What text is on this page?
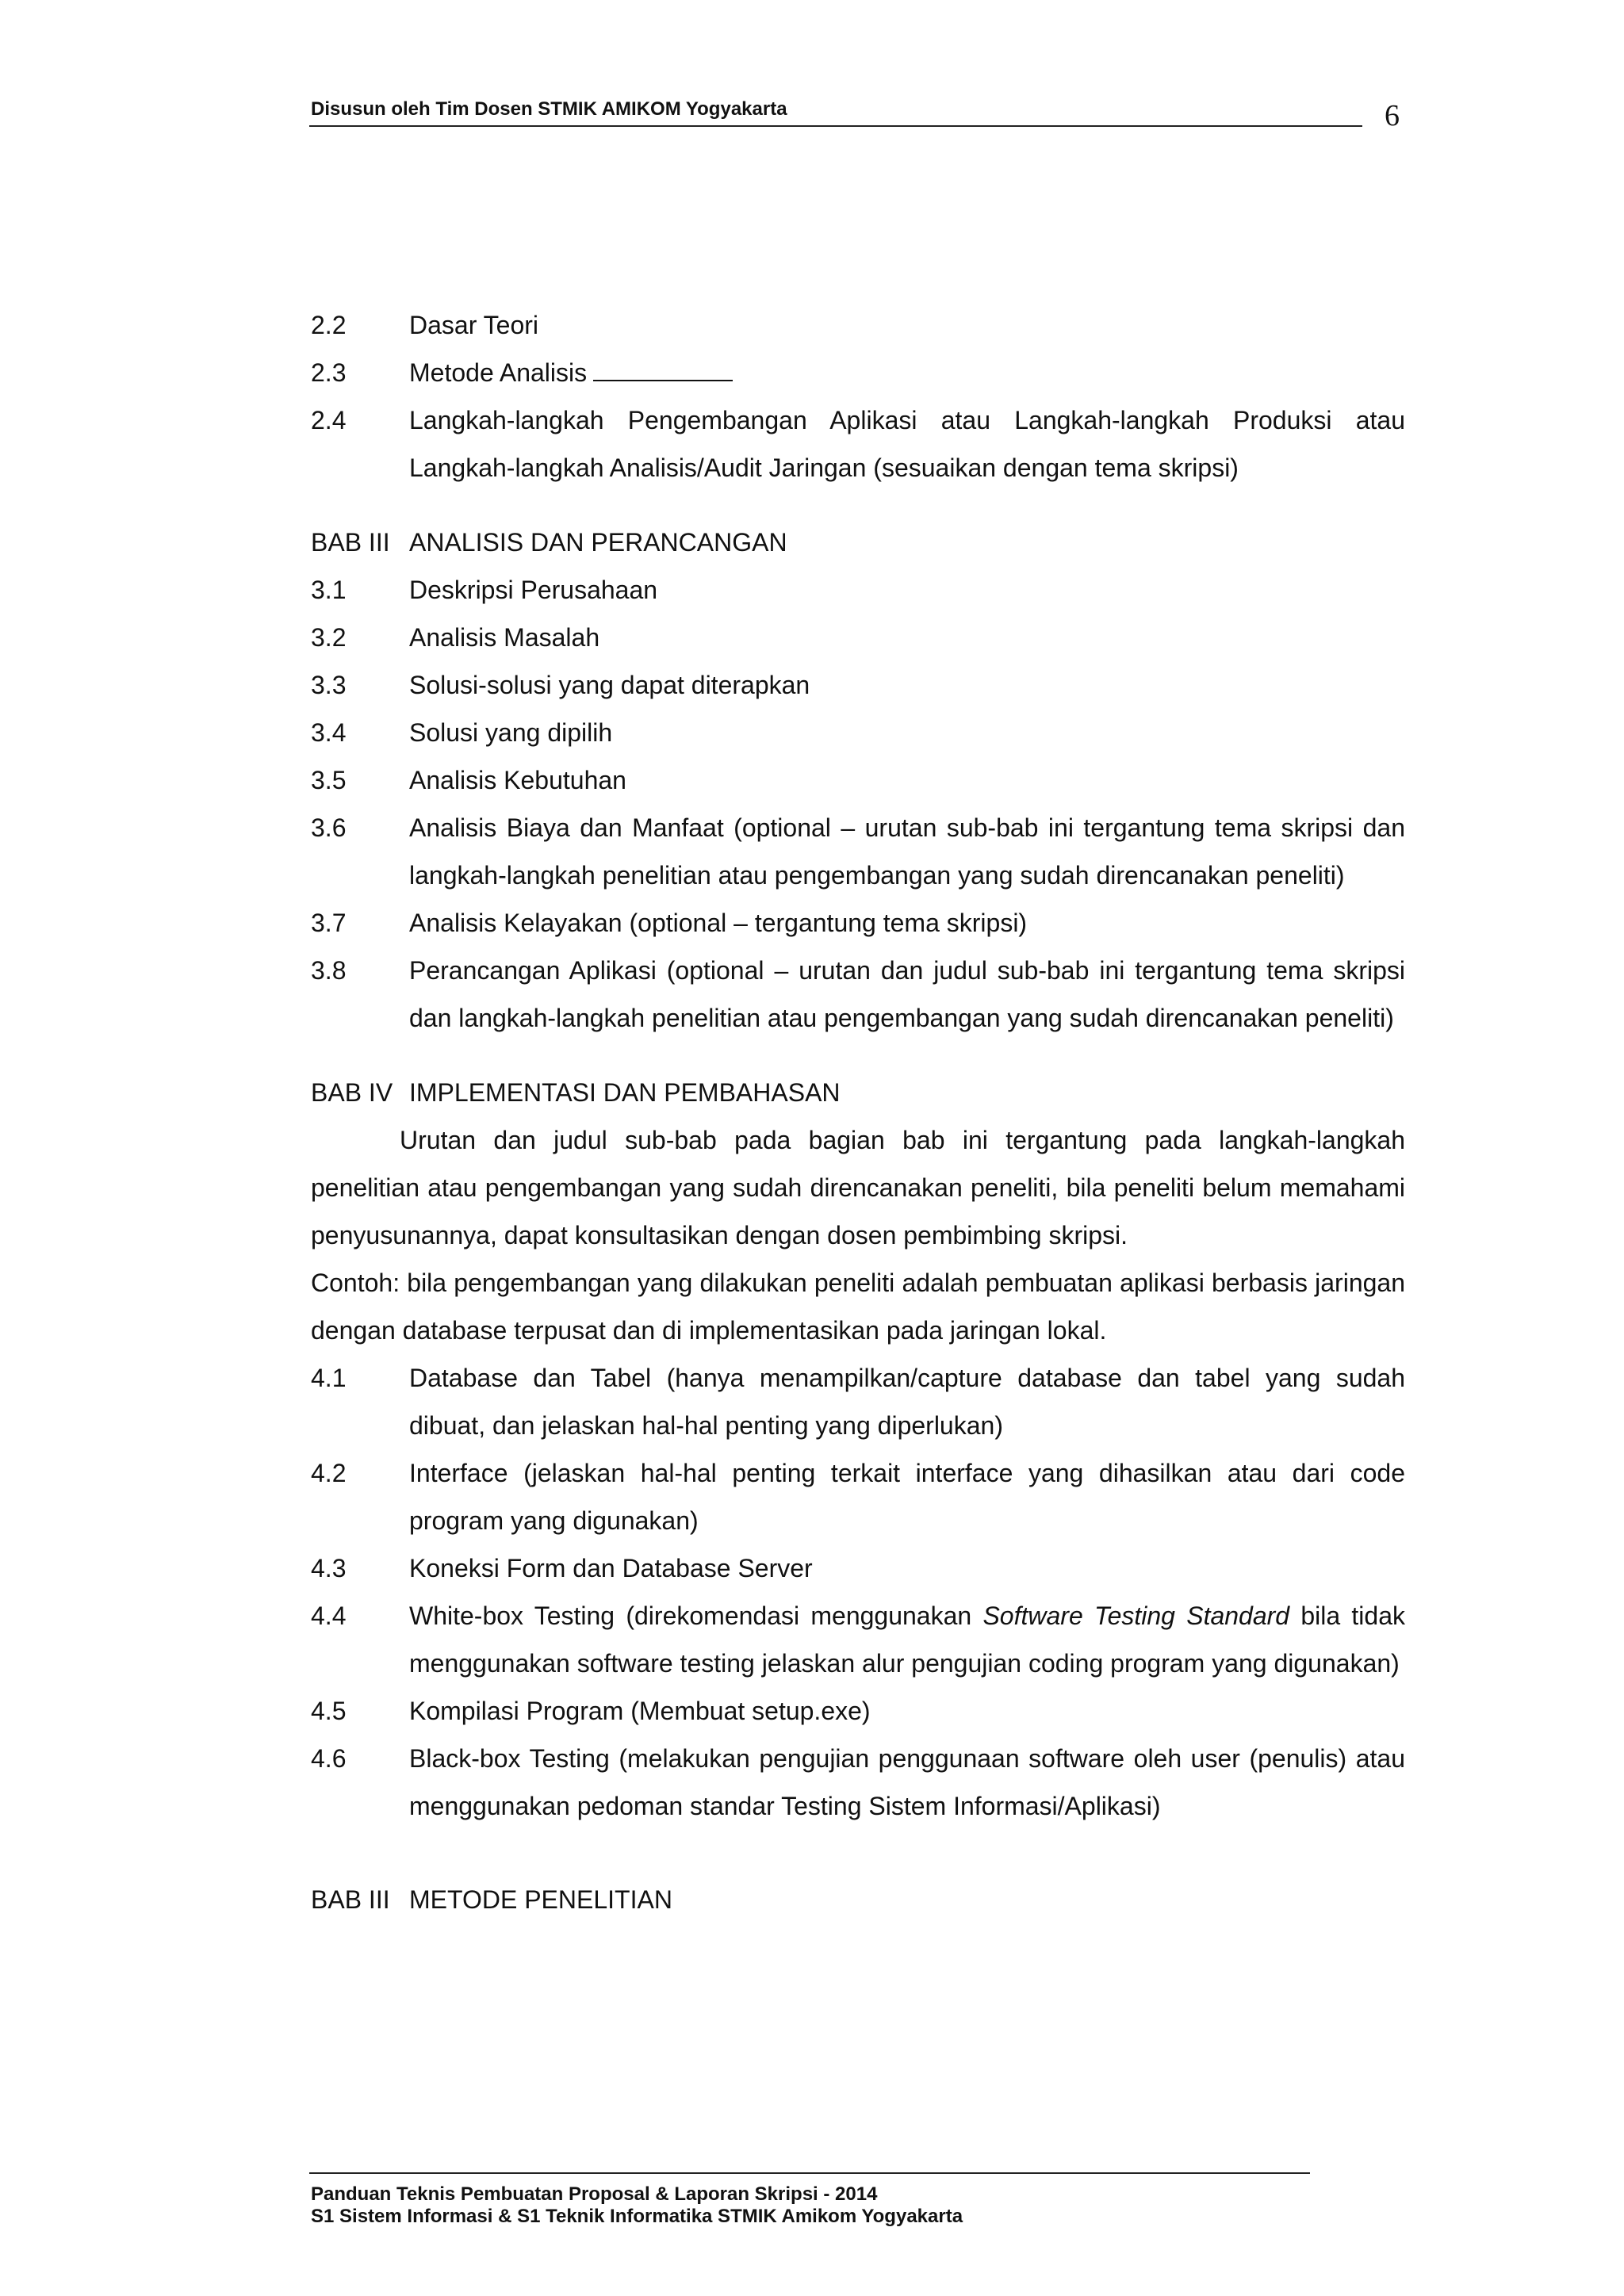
Disusun oleh Tim Dosen STMIK AMIKOM Yogyakarta	6
2.2	Dasar Teori
2.3	Metode Analisis
2.4	Langkah-langkah Pengembangan Aplikasi atau Langkah-langkah Produksi atau Langkah-langkah Analisis/Audit Jaringan (sesuaikan dengan tema skripsi)
BAB III ANALISIS DAN PERANCANGAN
3.1	Deskripsi Perusahaan
3.2	Analisis Masalah
3.3	Solusi-solusi yang dapat diterapkan
3.4	Solusi yang dipilih
3.5	Analisis Kebutuhan
3.6	Analisis Biaya dan Manfaat (optional – urutan sub-bab ini tergantung tema skripsi dan langkah-langkah penelitian atau pengembangan yang sudah direncanakan peneliti)
3.7	Analisis Kelayakan (optional – tergantung tema skripsi)
3.8	Perancangan Aplikasi (optional – urutan dan judul sub-bab ini tergantung tema skripsi dan langkah-langkah penelitian atau pengembangan yang sudah direncanakan peneliti)
BAB IV IMPLEMENTASI DAN PEMBAHASAN
Urutan dan judul sub-bab pada bagian bab ini tergantung pada langkah-langkah penelitian atau pengembangan yang sudah direncanakan peneliti, bila peneliti belum memahami penyusunannya, dapat konsultasikan dengan dosen pembimbing skripsi.
Contoh: bila pengembangan yang dilakukan peneliti adalah pembuatan aplikasi berbasis jaringan dengan database terpusat dan di implementasikan pada jaringan lokal.
4.1	Database dan Tabel (hanya menampilkan/capture database dan tabel yang sudah dibuat, dan jelaskan hal-hal penting yang diperlukan)
4.2	Interface (jelaskan hal-hal penting terkait interface yang dihasilkan atau dari code program yang digunakan)
4.3	Koneksi Form dan Database Server
4.4	White-box Testing (direkomendasi menggunakan Software Testing Standard bila tidak menggunakan software testing jelaskan alur pengujian coding program yang digunakan)
4.5	Kompilasi Program (Membuat setup.exe)
4.6	Black-box Testing (melakukan pengujian penggunaan software oleh user (penulis) atau menggunakan pedoman standar Testing Sistem Informasi/Aplikasi)
BAB III METODE PENELITIAN
Panduan Teknis Pembuatan Proposal & Laporan Skripsi - 2014
S1 Sistem Informasi & S1 Teknik Informatika STMIK Amikom Yogyakarta
